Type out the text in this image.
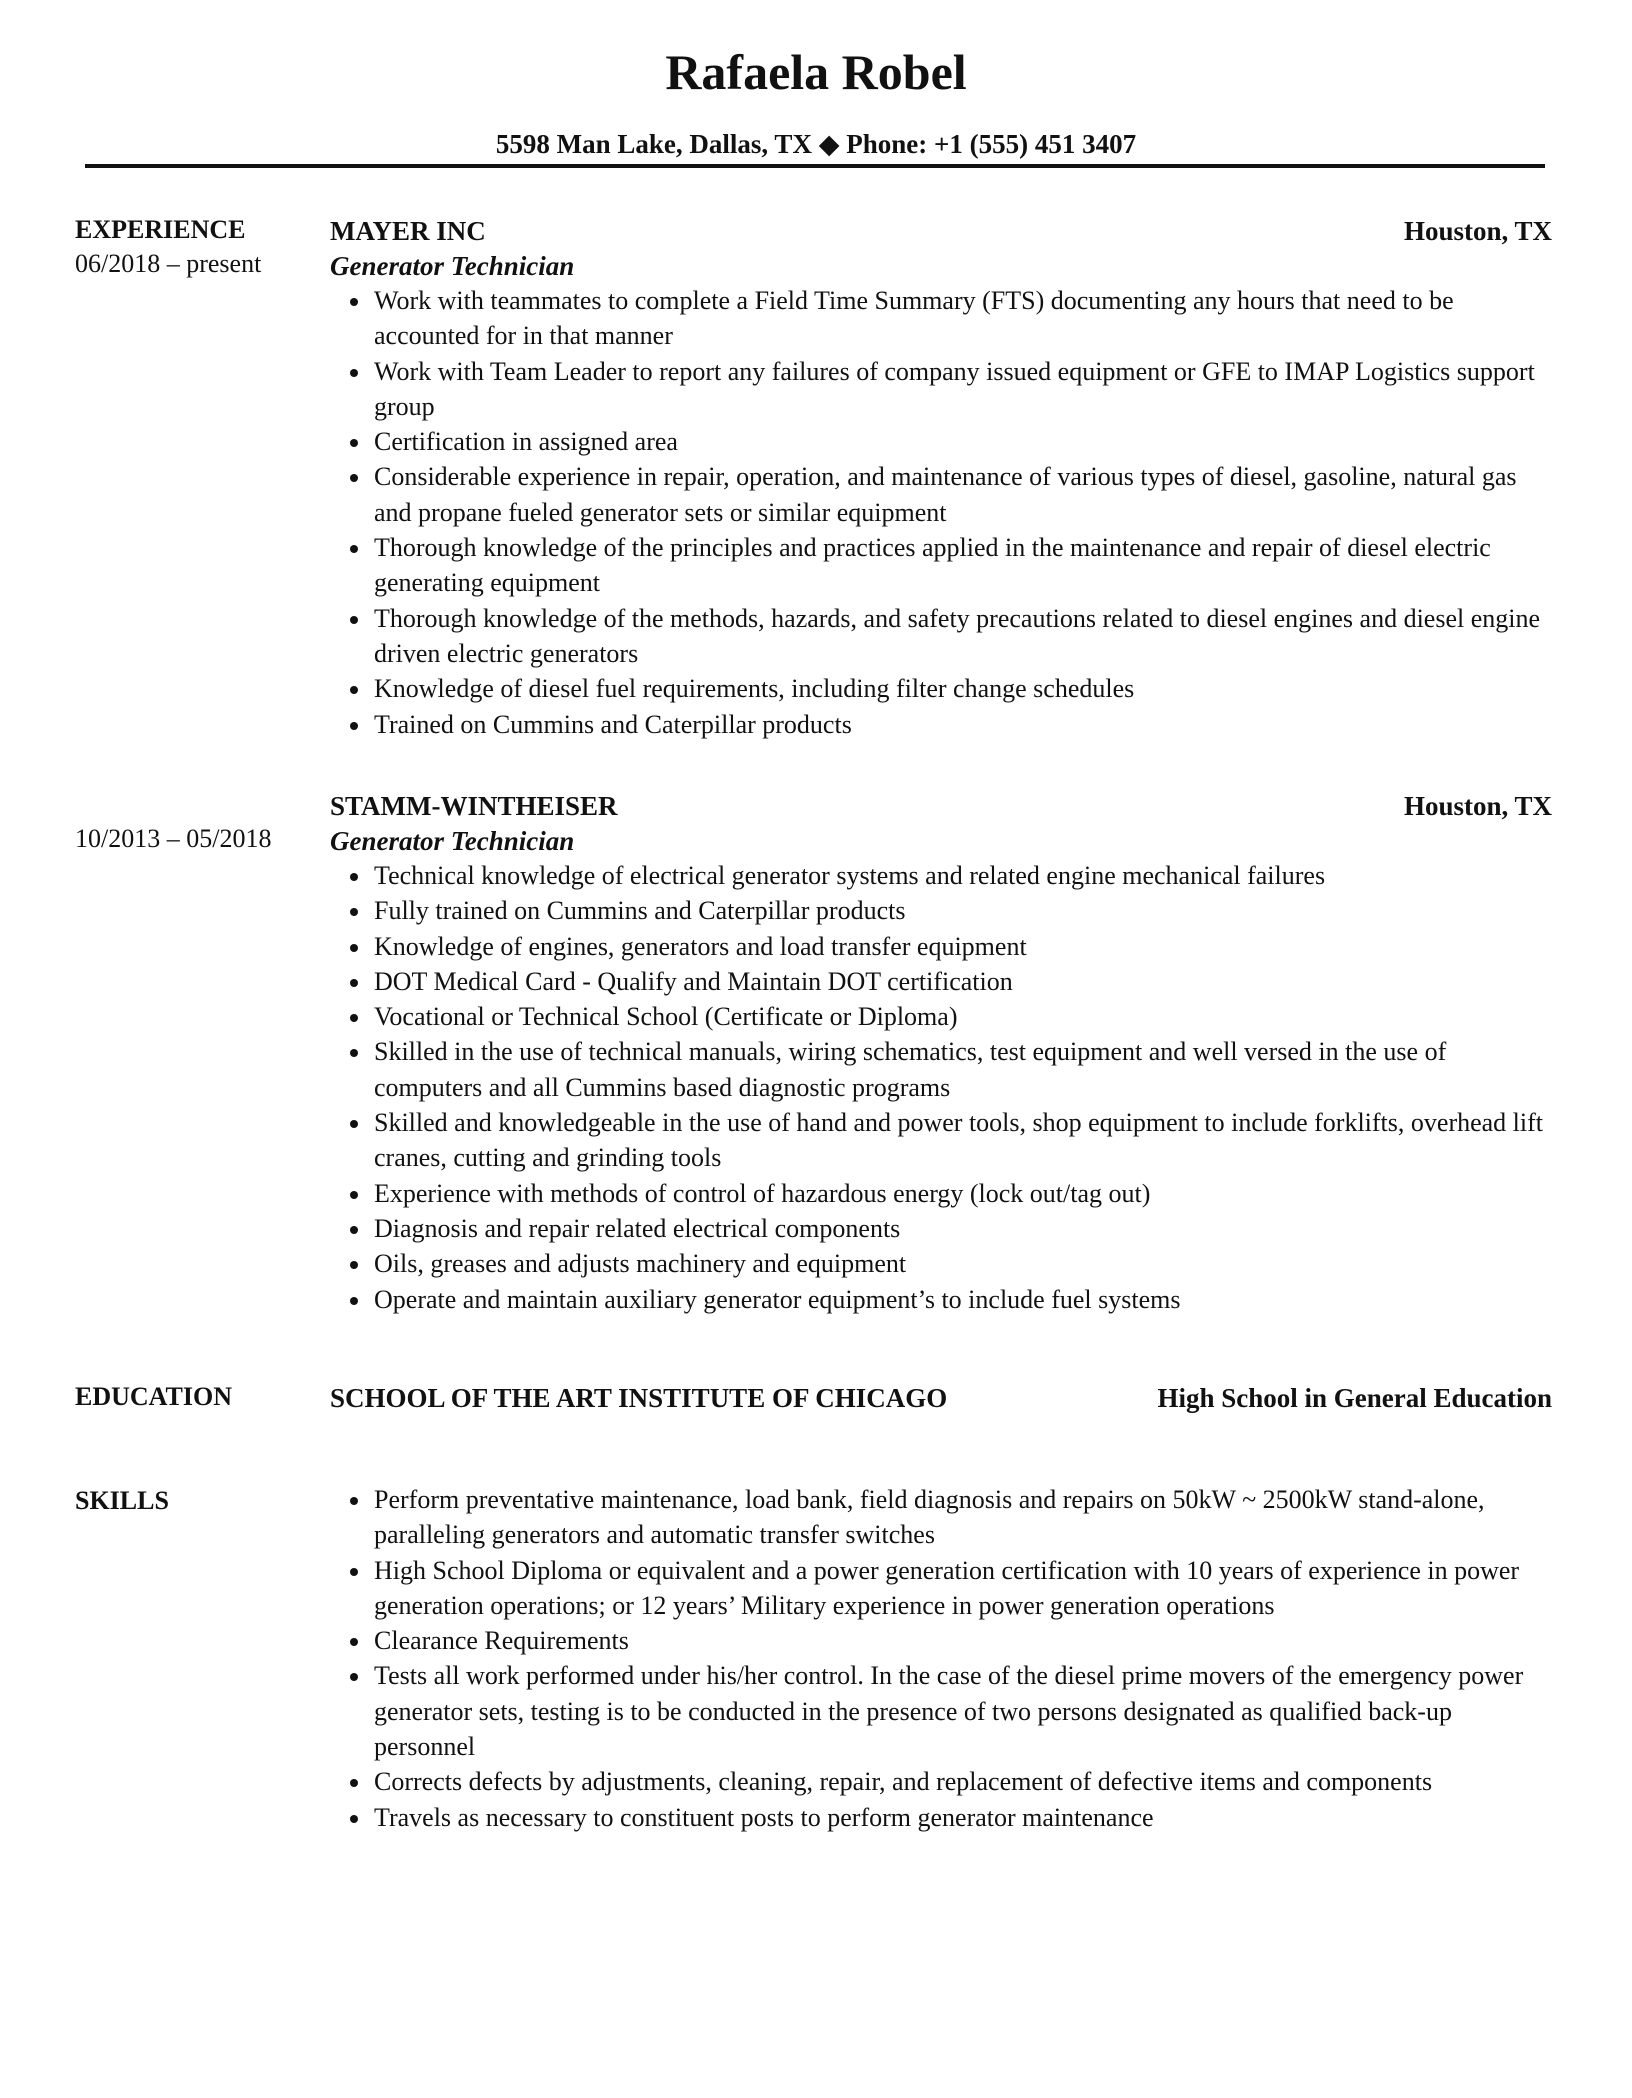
Rafaela Robel
5598 Man Lake, Dallas, TX ◆ Phone: +1 (555) 451 3407
EXPERIENCE
06/2018 – present
MAYER INC	Houston, TX
Generator Technician
Work with teammates to complete a Field Time Summary (FTS) documenting any hours that need to be accounted for in that manner
Work with Team Leader to report any failures of company issued equipment or GFE to IMAP Logistics support group
Certification in assigned area
Considerable experience in repair, operation, and maintenance of various types of diesel, gasoline, natural gas and propane fueled generator sets or similar equipment
Thorough knowledge of the principles and practices applied in the maintenance and repair of diesel electric generating equipment
Thorough knowledge of the methods, hazards, and safety precautions related to diesel engines and diesel engine driven electric generators
Knowledge of diesel fuel requirements, including filter change schedules
Trained on Cummins and Caterpillar products
10/2013 – 05/2018
STAMM-WINTHEISER	Houston, TX
Generator Technician
Technical knowledge of electrical generator systems and related engine mechanical failures
Fully trained on Cummins and Caterpillar products
Knowledge of engines, generators and load transfer equipment
DOT Medical Card - Qualify and Maintain DOT certification
Vocational or Technical School (Certificate or Diploma)
Skilled in the use of technical manuals, wiring schematics, test equipment and well versed in the use of computers and all Cummins based diagnostic programs
Skilled and knowledgeable in the use of hand and power tools, shop equipment to include forklifts, overhead lift cranes, cutting and grinding tools
Experience with methods of control of hazardous energy (lock out/tag out)
Diagnosis and repair related electrical components
Oils, greases and adjusts machinery and equipment
Operate and maintain auxiliary generator equipment’s to include fuel systems
EDUCATION	SCHOOL OF THE ART INSTITUTE OF CHICAGO	High School in General Education
SKILLS	Perform preventative maintenance, load bank, field diagnosis and repairs on 50kW ~ 2500kW stand-alone, paralleling generators and automatic transfer switches
High School Diploma or equivalent and a power generation certification with 10 years of experience in power generation operations; or 12 years’ Military experience in power generation operations
Clearance Requirements
Tests all work performed under his/her control. In the case of the diesel prime movers of the emergency power generator sets, testing is to be conducted in the presence of two persons designated as qualified back-up personnel
Corrects defects by adjustments, cleaning, repair, and replacement of defective items and components
Travels as necessary to constituent posts to perform generator maintenance
